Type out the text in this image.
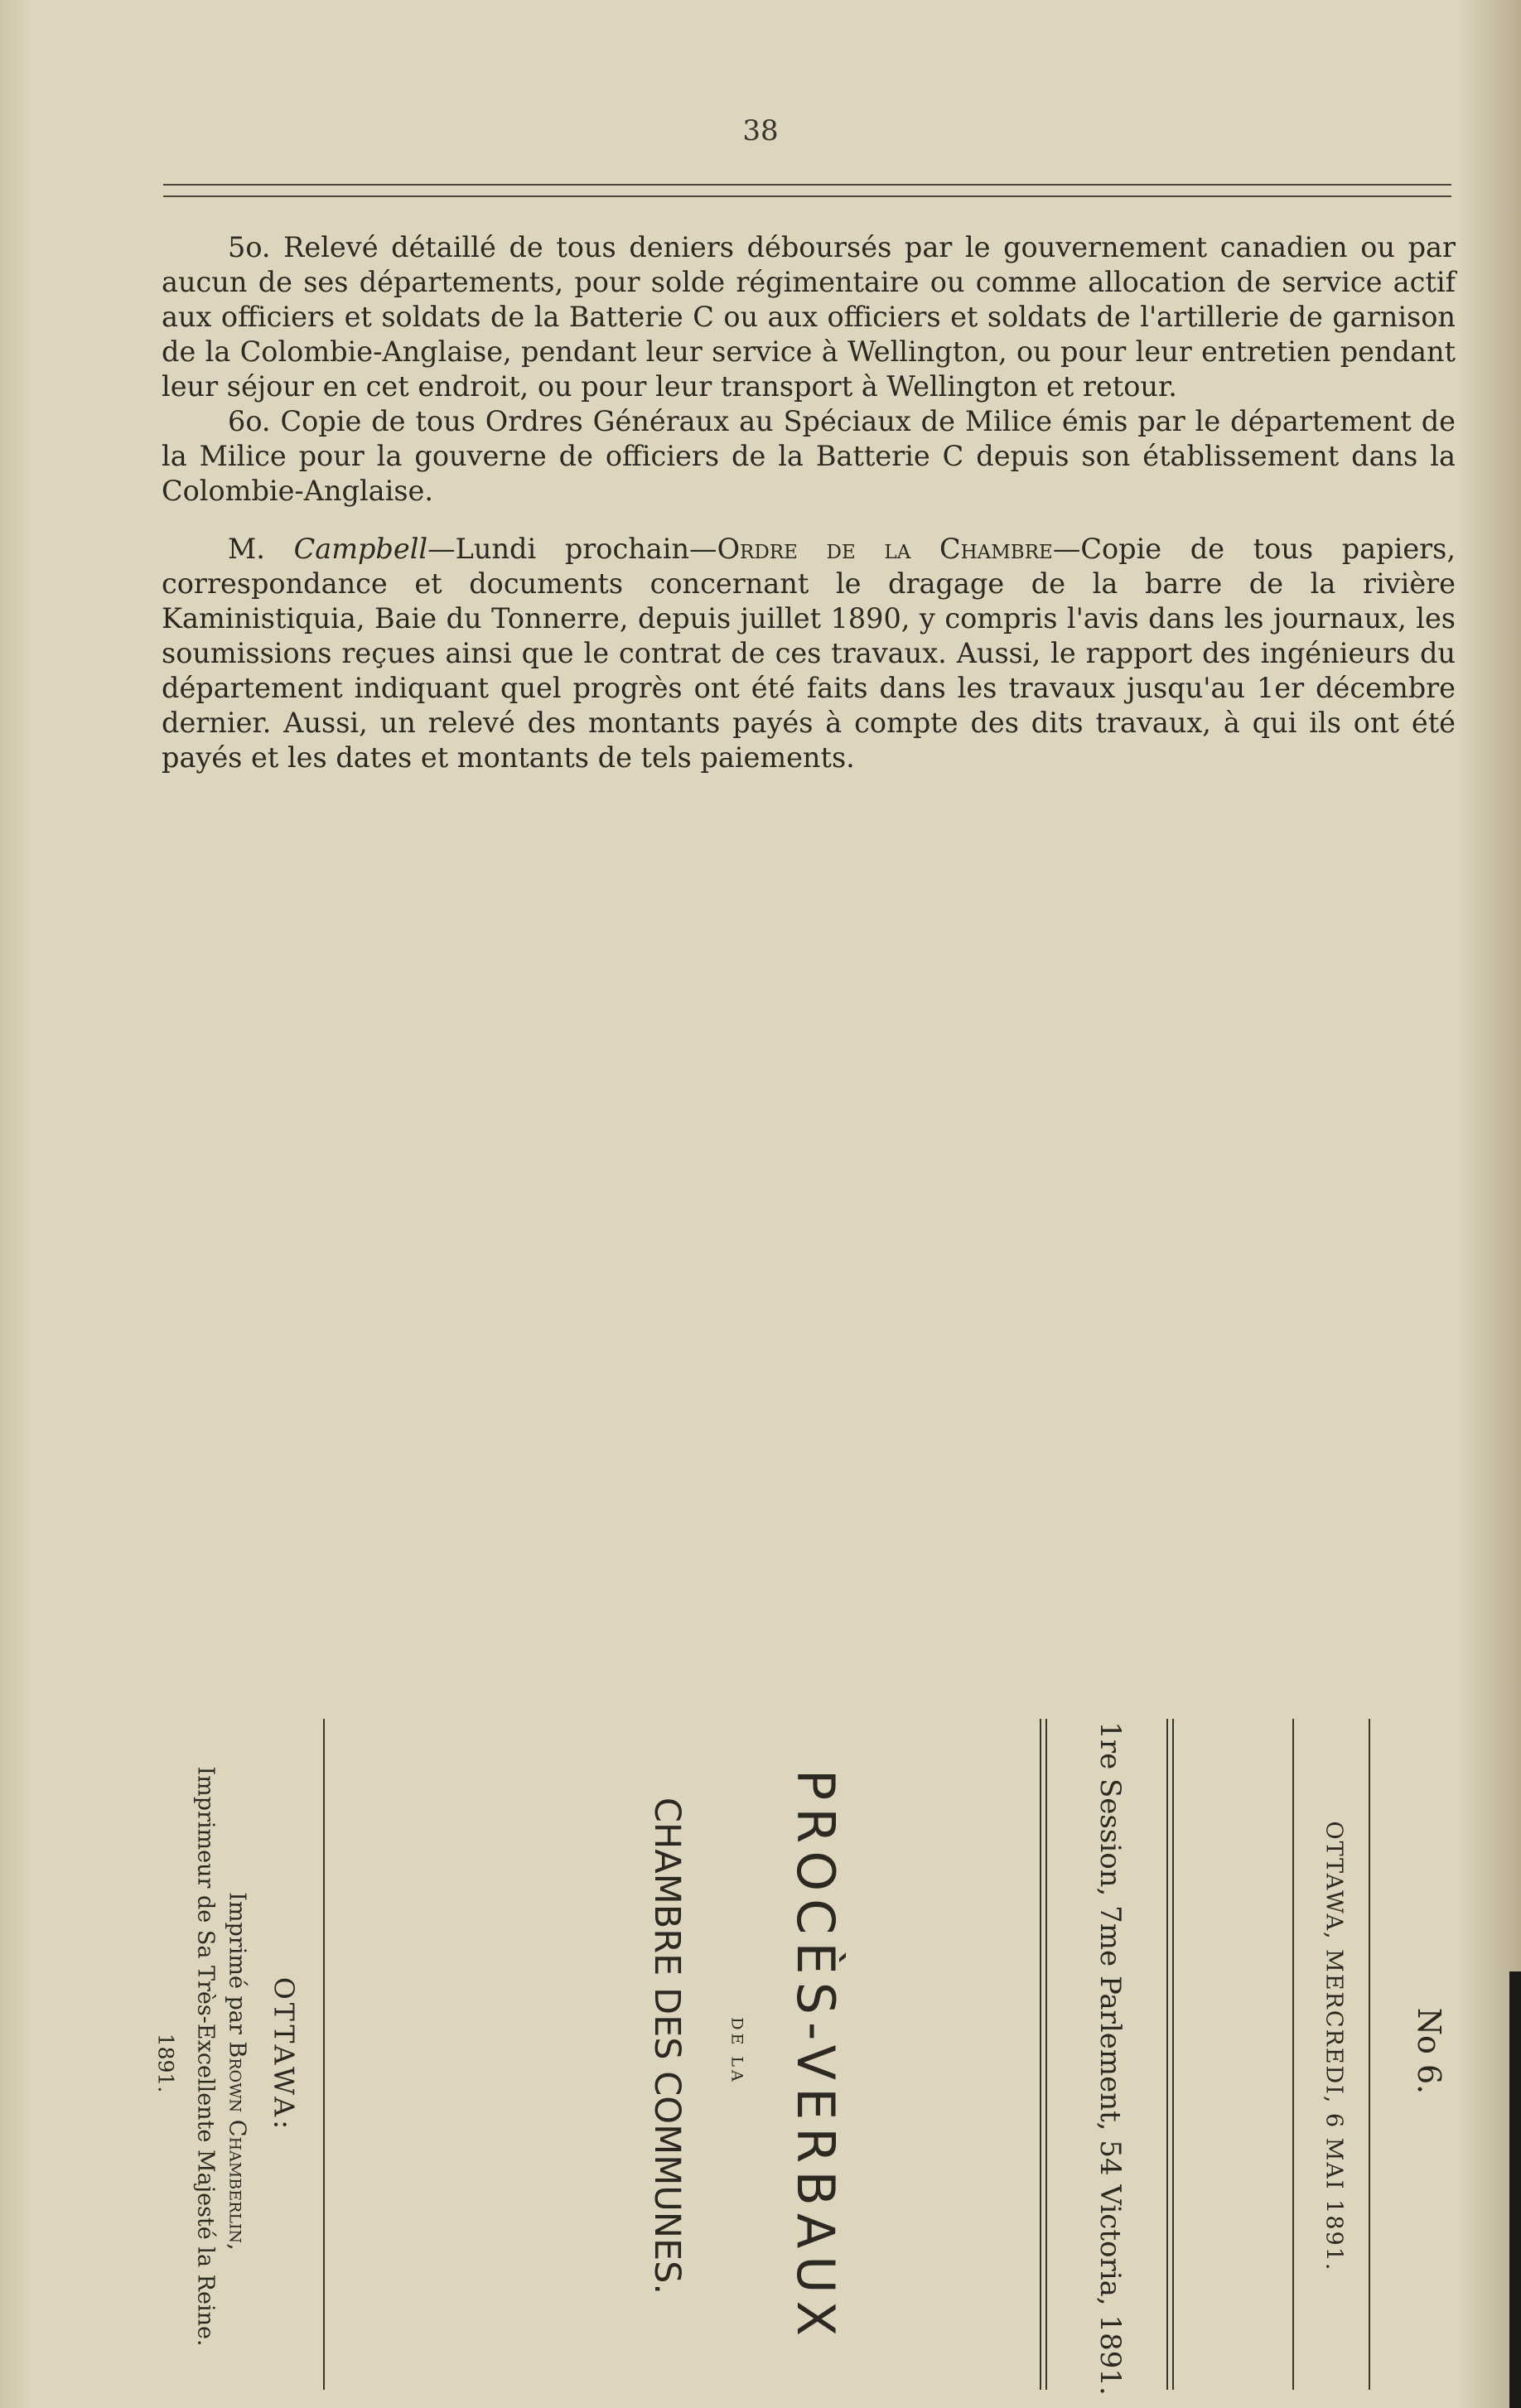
38

5o. Relevé détaillé de tous deniers déboursés par le gouvernement canadien ou par aucun de ses départements, pour solde régimentaire ou comme allocation de service actif aux officiers et soldats de la Batterie C ou aux officiers et soldats de l'artillerie de garnison de la Colombie-Anglaise, pendant leur service à Wellington, ou pour leur entretien pendant leur séjour en cet endroit, ou pour leur transport à Wellington et retour.

6o. Copie de tous Ordres Généraux au Spéciaux de Milice émis par le département de la Milice pour la gouverne de officiers de la Batterie C depuis son établissement dans la Colombie-Anglaise.

M. Campbell—Lundi prochain—Ordre de la Chambre—Copie de tous papiers, correspondance et documents concernant le dragage de la barre de la rivière Kaministiquia, Baie du Tonnerre, depuis juillet 1890, y compris l'avis dans les journaux, les soumissions reçues ainsi que le contrat de ces travaux. Aussi, le rapport des ingénieurs du département indiquant quel progrès ont été faits dans les travaux jusqu'au 1er décembre dernier. Aussi, un relevé des montants payés à compte des dits travaux, à qui ils ont été payés et les dates et montants de tels paiements.

No 6.
OTTAWA, MERCREDI, 6 MAI 1891.
1re Session, 7me Parlement, 54 Victoria, 1891.
PROCÈS-VERBAUX
DE LA
CHAMBRE DES COMMUNES.
OTTAWA:
Imprimé par Brown Chamberlin,
Imprimeur de Sa Très-Excellente Majesté la Reine.
1891.
